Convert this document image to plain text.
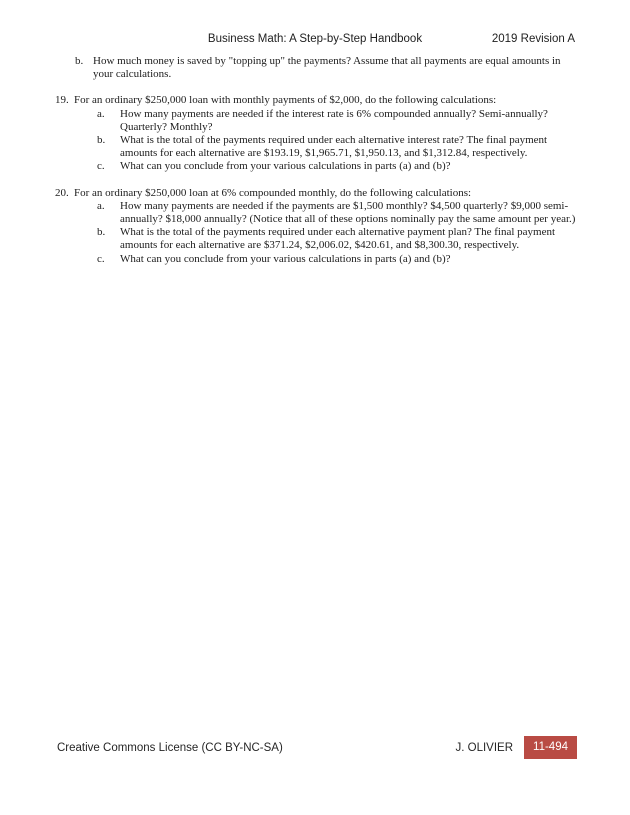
Business Math: A Step-by-Step Handbook	2019 Revision A
b. How much money is saved by "topping up" the payments? Assume that all payments are equal amounts in your calculations.
19. For an ordinary $250,000 loan with monthly payments of $2,000, do the following calculations:
a.	How many payments are needed if the interest rate is 6% compounded annually? Semi-annually? Quarterly? Monthly?
b.	What is the total of the payments required under each alternative interest rate? The final payment amounts for each alternative are $193.19, $1,965.71, $1,950.13, and $1,312.84, respectively.
c.	What can you conclude from your various calculations in parts (a) and (b)?
20. For an ordinary $250,000 loan at 6% compounded monthly, do the following calculations:
a.	How many payments are needed if the payments are $1,500 monthly? $4,500 quarterly? $9,000 semi-annually? $18,000 annually? (Notice that all of these options nominally pay the same amount per year.)
b.	What is the total of the payments required under each alternative payment plan? The final payment amounts for each alternative are $371.24, $2,006.02, $420.61, and $8,300.30, respectively.
c.	What can you conclude from your various calculations in parts (a) and (b)?
Creative Commons License (CC BY-NC-SA)	J. OLIVIER	11-494
